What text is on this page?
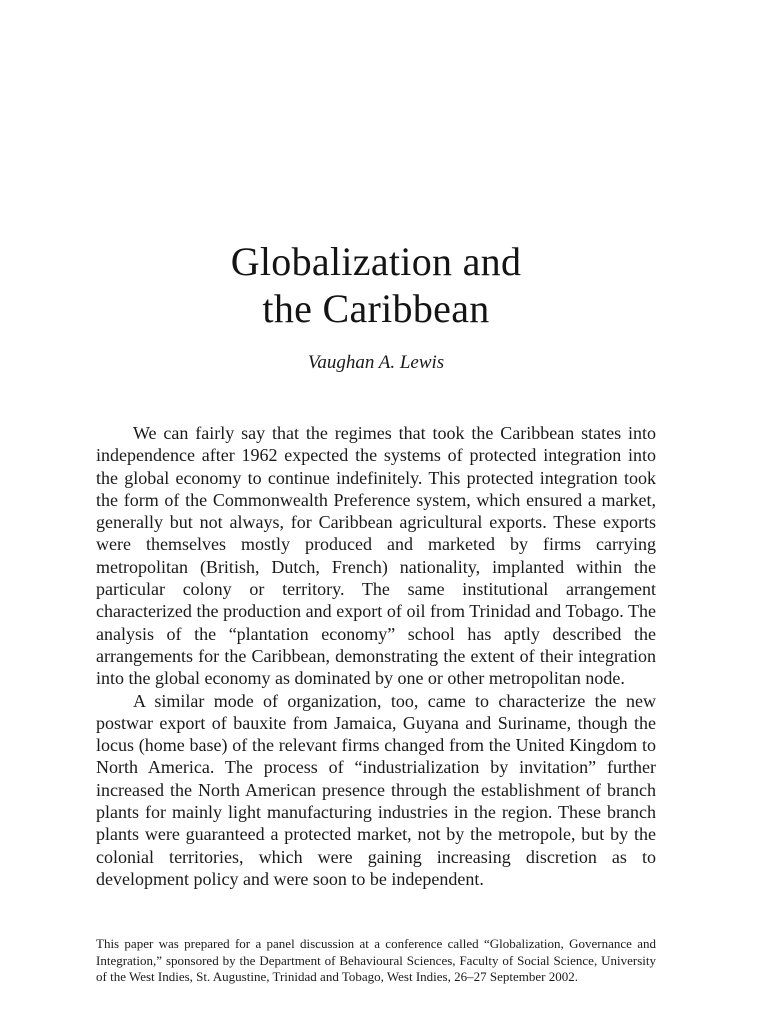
Globalization and
the Caribbean
Vaughan A. Lewis

We can fairly say that the regimes that took the Caribbean states into independence after 1962 expected the systems of protected integration into the global economy to continue indefinitely. This protected integration took the form of the Commonwealth Preference system, which ensured a market, generally but not always, for Caribbean agricultural exports. These exports were themselves mostly produced and marketed by firms carrying metropolitan (British, Dutch, French) nationality, implanted within the particular colony or territory. The same institutional arrangement characterized the production and export of oil from Trinidad and Tobago. The analysis of the “plantation economy” school has aptly described the arrangements for the Caribbean, demonstrating the extent of their integration into the global economy as dominated by one or other metropolitan node.

A similar mode of organization, too, came to characterize the new postwar export of bauxite from Jamaica, Guyana and Suriname, though the locus (home base) of the relevant firms changed from the United Kingdom to North America. The process of “industrialization by invitation” further increased the North American presence through the establishment of branch plants for mainly light manufacturing industries in the region. These branch plants were guaranteed a protected market, not by the metropole, but by the colonial territories, which were gaining increasing discretion as to development policy and were soon to be independent.

This paper was prepared for a panel discussion at a conference called “Globalization, Governance and Integration,” sponsored by the Department of Behavioural Sciences, Faculty of Social Science, University of the West Indies, St. Augustine, Trinidad and Tobago, West Indies, 26–27 September 2002.
